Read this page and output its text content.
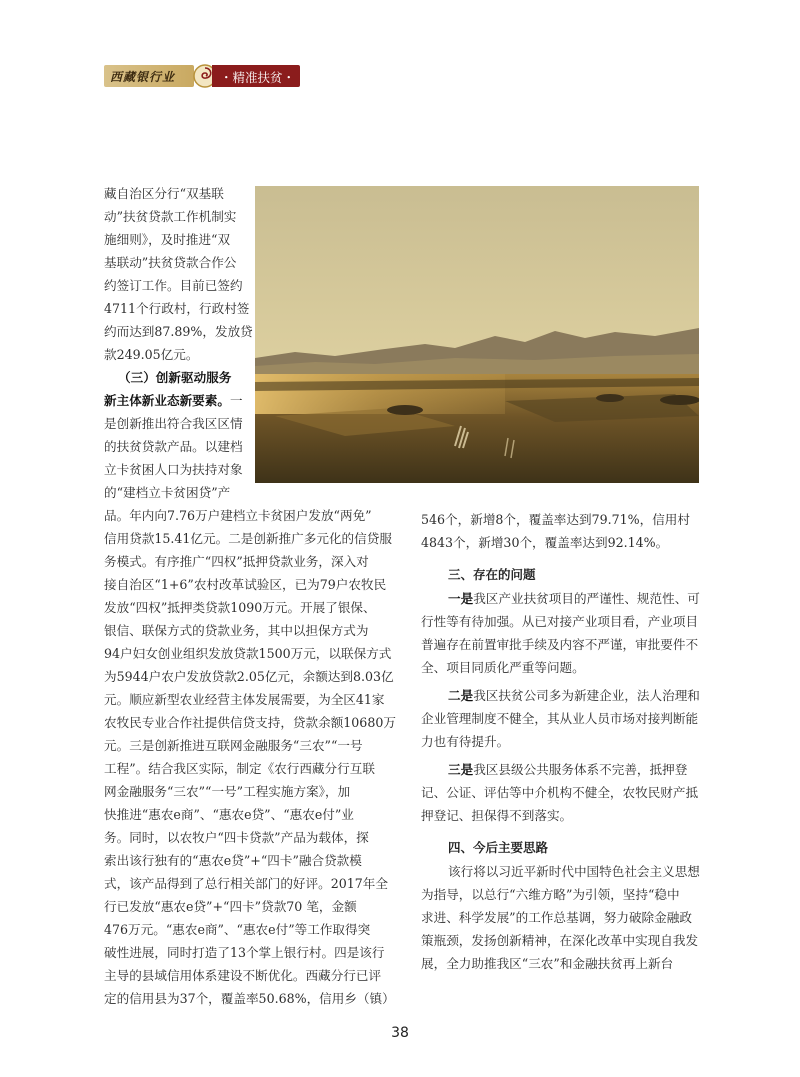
西藏银行业	・精准扶贫・
藏自治区分行“双基联
动”扶贫贷款工作机制实
施细则》，及时推进“双
基联动”扶贫贷款合作公
约签订工作。目前已签约
4711个行政村，行政村签
约而达到87.89%，发放贷
款249.05亿元。
（三）创新驱动服务
新主体新业态新要素。一
是创新推出符合我区区情
的扶贫贷款产品。以建档
立卡贫困人口为扶持对象
的“建档立卡贫困贷”产
品。年内向7.76万户建档立卡贫困户发放“两免”
信用贷款15.41亿元。二是创新推广多元化的信贷服
务模式。有序推广“四权”抵押贷款业务，深入对
接自治区“1+6”农村改革试验区，已为79户农牧民
发放“四权”抵押类贷款1090万元。开展了银保、
银信、联保方式的贷款业务，其中以担保方式为
94户妇女创业组织发放贷款1500万元，以联保方式
为5944户农户发放贷款2.05亿元，余额达到8.03亿
元。顺应新型农业经营主体发展需要，为全区41家
农牧民专业合作社提供信贷支持，贷款余额10680万
元。三是创新推进互联网金融服务“三农”“一号
工程”。结合我区实际，制定《农行西藏分行互联
网金融服务“三农”“一号”工程实施方案》，加
快推进“惠农e商”、“惠农e贷”、“惠农e付”业
务。同时，以农牧户“四卡贷款”产品为载体，探
索出该行独有的“惠农e贷”+“四卡”融合贷款模
式，该产品得到了总行相关部门的好评。2017年全
行已发放“惠农e贷”+“四卡”贷款70 笔，金额
476万元。“惠农e商”、“惠农e付”等工作取得突
破性进展，同时打造了13个掌上银行村。四是该行
主导的县域信用体系建设不断优化。西藏分行已评
定的信用县为37个，覆盖率50.68%，信用乡（镇）
546个，新增8个，覆盖率达到79.71%，信用村
4843个，新增30个，覆盖率达到92.14%。
三、存在的问题
一是我区产业扶贫项目的严谨性、规范性、可
行性等有待加强。从已对接产业项目看，产业项目
普遍存在前置审批手续及内容不严谨，审批要件不
全、项目同质化严重等问题。
二是我区扶贫公司多为新建企业，法人治理和
企业管理制度不健全，其从业人员市场对接判断能
力也有待提升。
三是我区县级公共服务体系不完善，抵押登
记、公证、评估等中介机构不健全，农牧民财产抵
押登记、担保得不到落实。
四、今后主要思路
该行将以习近平新时代中国特色社会主义思想
为指导，以总行“六维方略”为引领，坚持“稳中
求进、科学发展”的工作总基调，努力破除金融政
策瓶颈，发扬创新精神，在深化改革中实现自我发
展，全力助推我区“三农”和金融扶贫再上新台
38
